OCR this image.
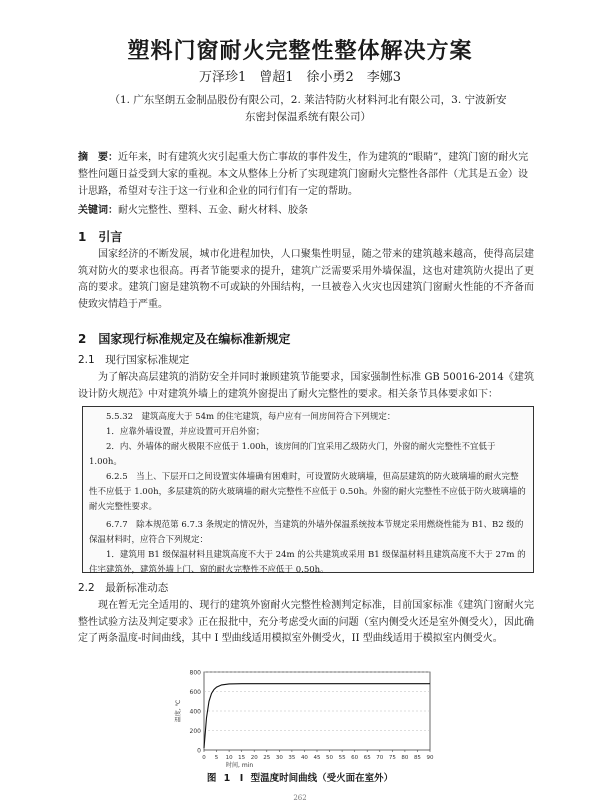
塑料门窗耐火完整性整体解决方案
万泽珍1　曾超1　徐小勇2　李娜3
（1. 广东坚朗五金制品股份有限公司，2. 莱洁特防火材料河北有限公司，3. 宁波新安东密封保温系统有限公司）
摘　要：近年来，时有建筑火灾引起重大伤亡事故的事件发生，作为建筑的“眼睛”，建筑门窗的耐火完整性问题日益受到大家的重视。本文从整体上分析了实现建筑门窗耐火完整性各部件（尤其是五金）设计思路，希望对专注于这一行业和企业的同行们有一定的帮助。
关键词：耐火完整性、塑料、五金、耐火材料、胶条
1　引言
国家经济的不断发展，城市化进程加快，人口聚集性明显，随之带来的建筑越来越高，使得高层建筑对防火的要求也很高。再者节能要求的提升，建筑广泛需要采用外墙保温，这也对建筑防火提出了更高的要求。建筑门窗是建筑物不可或缺的外围结构，一旦被卷入火灾也因建筑门窗耐火性能的不齐备而使致灾情趋于严重。
2　国家现行标准规定及在编标准新规定
2.1　现行国家标准规定
为了解决高层建筑的消防安全并同时兼顾建筑节能要求，国家强制性标准 GB 50016-2014《建筑设计防火规范》中对建筑外墙上的建筑外窗提出了耐火完整性的要求。相关条节具体要求如下：

5.5.32　建筑高度大于 54m 的住宅建筑，每户应有一间房间符合下列规定：

1．应靠外墙设置，并应设置可开启外窗；

2．内、外墙体的耐火极限不应低于 1.00h，该房间的门宜采用乙级防火门，外窗的耐火完整性不宜低于 1.00h。

6.2.5　当上、下层开口之间设置实体墙确有困难时，可设置防火玻璃墙，但高层建筑的防火玻璃墙的耐火完整性不应低于 1.00h，多层建筑的防火玻璃墙的耐火完整性不应低于 0.50h。外窗的耐火完整性不应低于防火玻璃墙的耐火完整性要求。

6.7.7　除本规范第 6.7.3 条规定的情况外，当建筑的外墙外保温系统按本节规定采用燃烧性能为 B1、B2 级的保温材料时，应符合下列规定：

1．建筑用 B1 级保温材料且建筑高度不大于 24m 的公共建筑或采用 B1 级保温材料且建筑高度不大于 27m 的住宅建筑外，建筑外墙上门、窗的耐火完整性不应低于 0.50h。

2.2　最新标准动态
现在暂无完全适用的、现行的建筑外窗耐火完整性检测判定标准，目前国家标准《建筑门窗耐火完整性试验方法及判定要求》正在报批中，充分考虑受火面的问题（室内侧受火还是室外侧受火），因此确定了两条温度-时间曲线，其中 I 型曲线适用模拟室外侧受火，II 型曲线适用于模拟室内侧受火。
0
200
400
600
800
0 5 10 15 20 25 30 35 40 45 50 55 60 65 70 75 80 85 90
时间, min
温度, ℃
图 1　I 型温度时间曲线（受火面在室外）
262
